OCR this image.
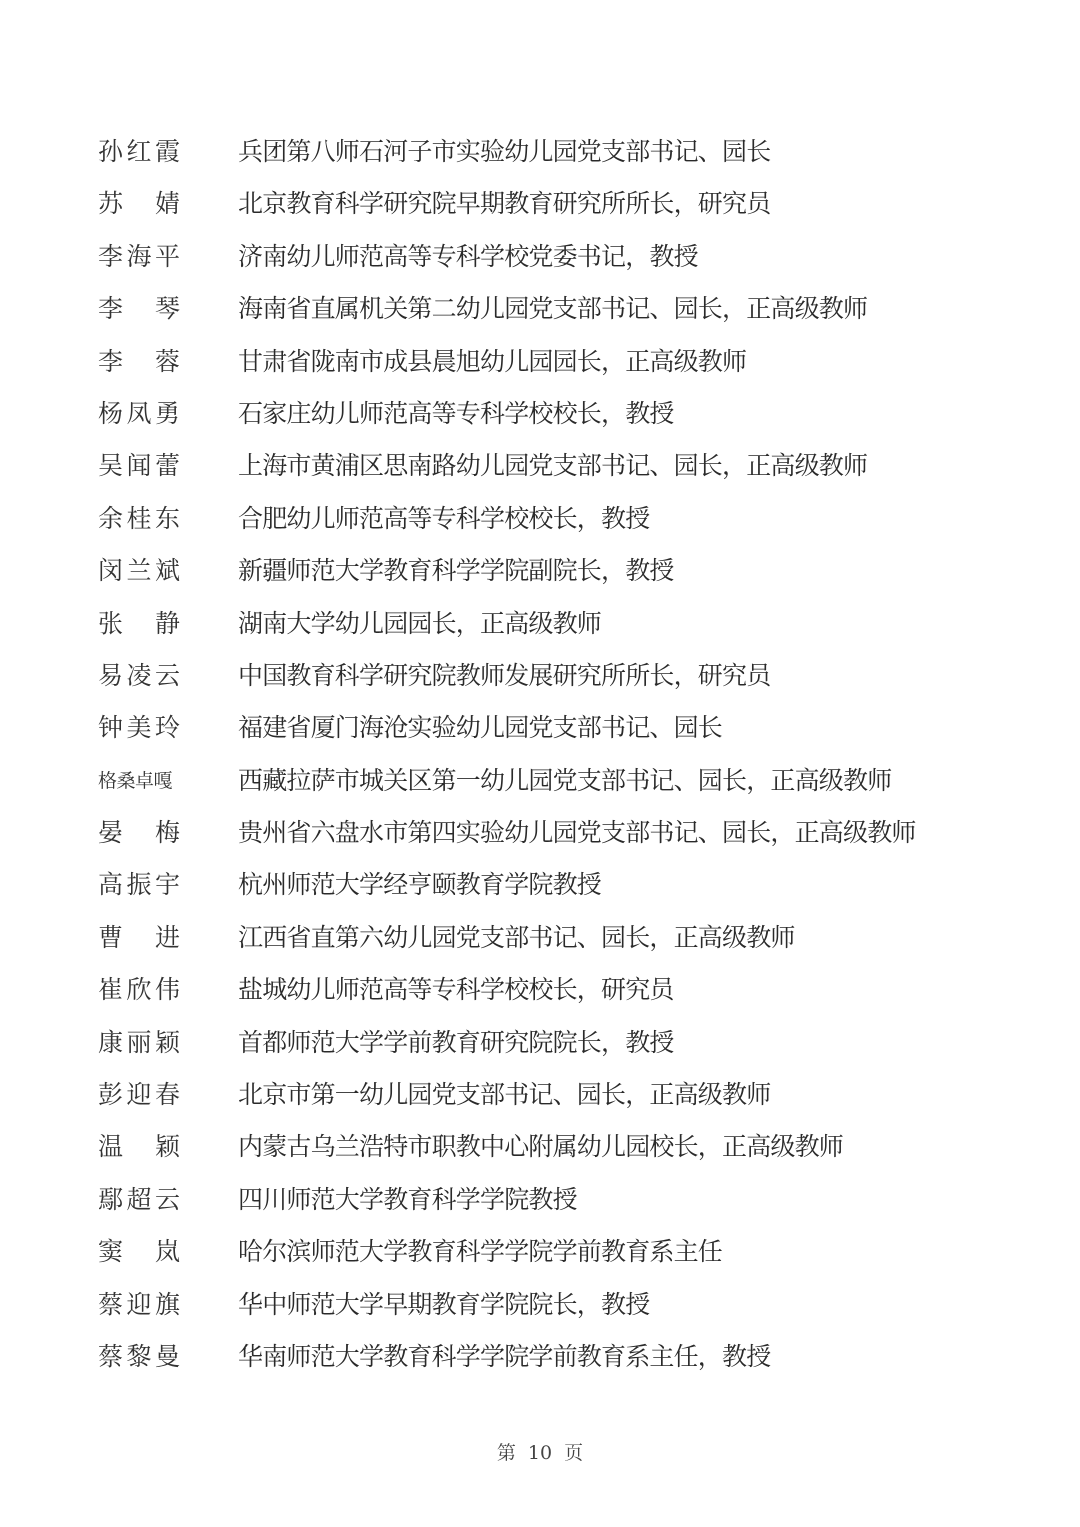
孙红霞 兵团第八师石河子市实验幼儿园党支部书记、园长
苏　婧 北京教育科学研究院早期教育研究所所长，研究员
李海平 济南幼儿师范高等专科学校党委书记，教授
李　琴 海南省直属机关第二幼儿园党支部书记、园长，正高级教师
李　蓉 甘肃省陇南市成县晨旭幼儿园园长，正高级教师
杨凤勇 石家庄幼儿师范高等专科学校校长，教授
吴闻蕾 上海市黄浦区思南路幼儿园党支部书记、园长，正高级教师
余桂东 合肥幼儿师范高等专科学校校长，教授
闵兰斌 新疆师范大学教育科学学院副院长，教授
张　静 湖南大学幼儿园园长，正高级教师
易凌云 中国教育科学研究院教师发展研究所所长，研究员
钟美玲 福建省厦门海沧实验幼儿园党支部书记、园长
格桑卓嘎	西藏拉萨市城关区第一幼儿园党支部书记、园长，正高级教师
晏　梅 贵州省六盘水市第四实验幼儿园党支部书记、园长，正高级教师
高振宇 杭州师范大学经亨颐教育学院教授
曹　进 江西省直第六幼儿园党支部书记、园长，正高级教师
崔欣伟 盐城幼儿师范高等专科学校校长，研究员
康丽颖 首都师范大学学前教育研究院院长，教授
彭迎春 北京市第一幼儿园党支部书记、园长，正高级教师
温　颖 内蒙古乌兰浩特市职教中心附属幼儿园校长，正高级教师
鄢超云 四川师范大学教育科学学院教授
窦　岚 哈尔滨师范大学教育科学学院学前教育系主任
蔡迎旗 华中师范大学早期教育学院院长，教授
蔡黎曼 华南师范大学教育科学学院学前教育系主任，教授
第 10 页
